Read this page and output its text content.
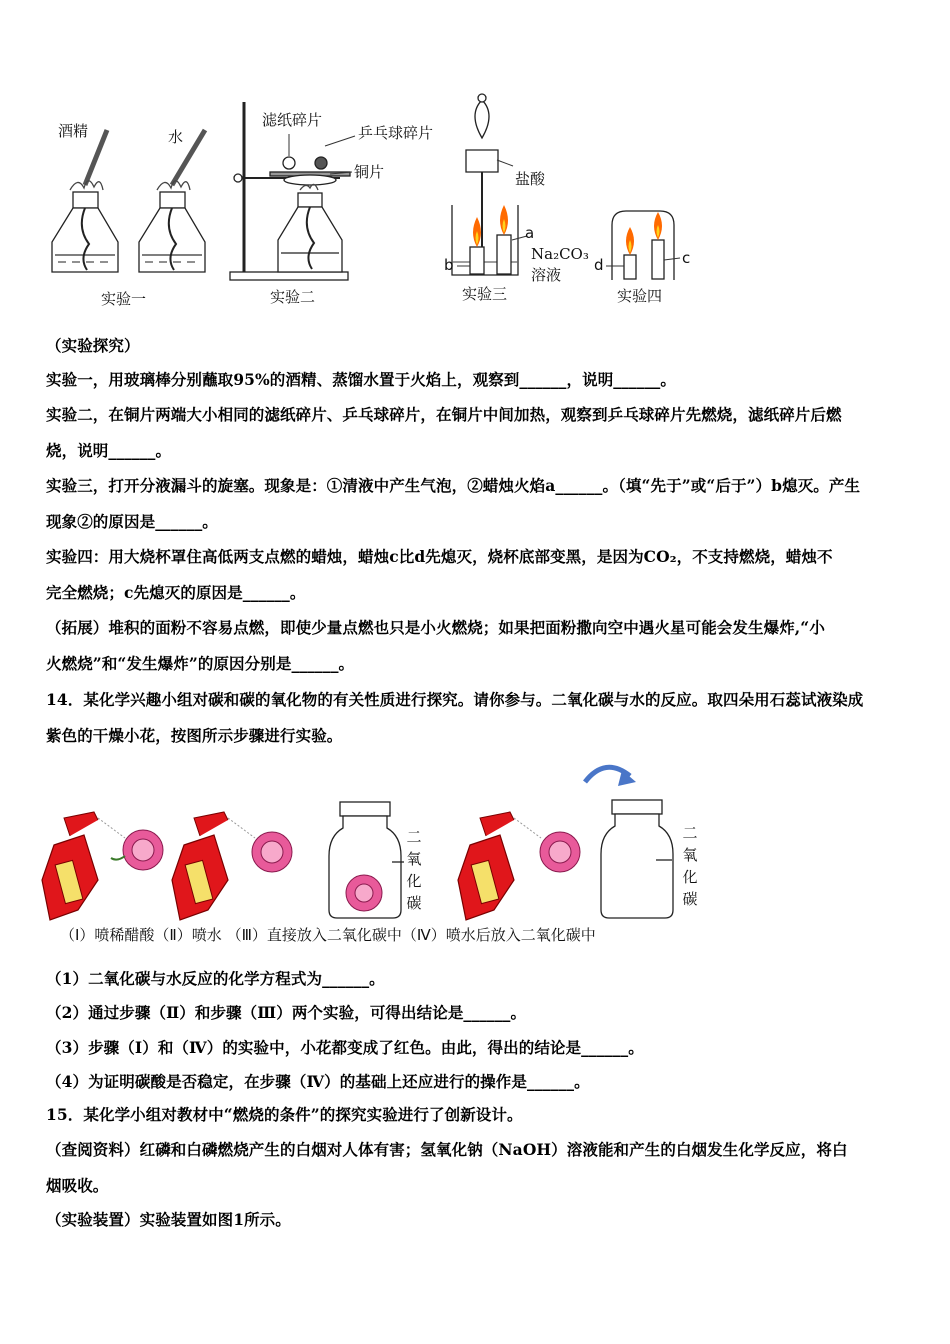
酒精	水
滤纸碎片
乒乓球碎片
铜片	盐酸
a
b
Na₂CO₃
溶液
c
d
实验一	实验二	实验三	实验四
（实验探究）
实验一，用玻璃棒分别蘸取95%的酒精、蒸馏水置于火焰上，观察到______，说明______。
实验二，在铜片两端大小相同的滤纸碎片、乒乓球碎片，在铜片中间加热，观察到乒乓球碎片先燃烧，滤纸碎片后燃
烧，说明______。
实验三，打开分液漏斗的旋塞。现象是：①清液中产生气泡，②蜡烛火焰a______。（填“先于”或“后于”）b熄灭。产生
现象②的原因是______。
实验四：用大烧杯罩住高低两支点燃的蜡烛，蜡烛c比d先熄灭，烧杯底部变黑，是因为CO₂，不支持燃烧，蜡烛不
完全燃烧；c先熄灭的原因是______。
（拓展）堆积的面粉不容易点燃，即使少量点燃也只是小火燃烧；如果把面粉撒向空中遇火星可能会发生爆炸,“小
火燃烧”和“发生爆炸”的原因分别是______。
14．某化学兴趣小组对碳和碳的氧化物的有关性质进行探究。请你参与。二氧化碳与水的反应。取四朵用石蕊试液染成
紫色的干燥小花，按图所示步骤进行实验。
二
氧
化
碳
二
氧
化
碳
（Ⅰ）喷稀醋酸（Ⅱ）喷水 （Ⅲ）直接放入二氧化碳中（Ⅳ）喷水后放入二氧化碳中
（1）二氧化碳与水反应的化学方程式为______。
（2）通过步骤（Ⅱ）和步骤（Ⅲ）两个实验，可得出结论是______。
（3）步骤（Ⅰ）和（Ⅳ）的实验中，小花都变成了红色。由此，得出的结论是______。
（4）为证明碳酸是否稳定，在步骤（Ⅳ）的基础上还应进行的操作是______。
15．某化学小组对教材中“燃烧的条件”的探究实验进行了创新设计。
（查阅资料）红磷和白磷燃烧产生的白烟对人体有害；氢氧化钠（NaOH）溶液能和产生的白烟发生化学反应，将白
烟吸收。
（实验装置）实验装置如图1所示。
